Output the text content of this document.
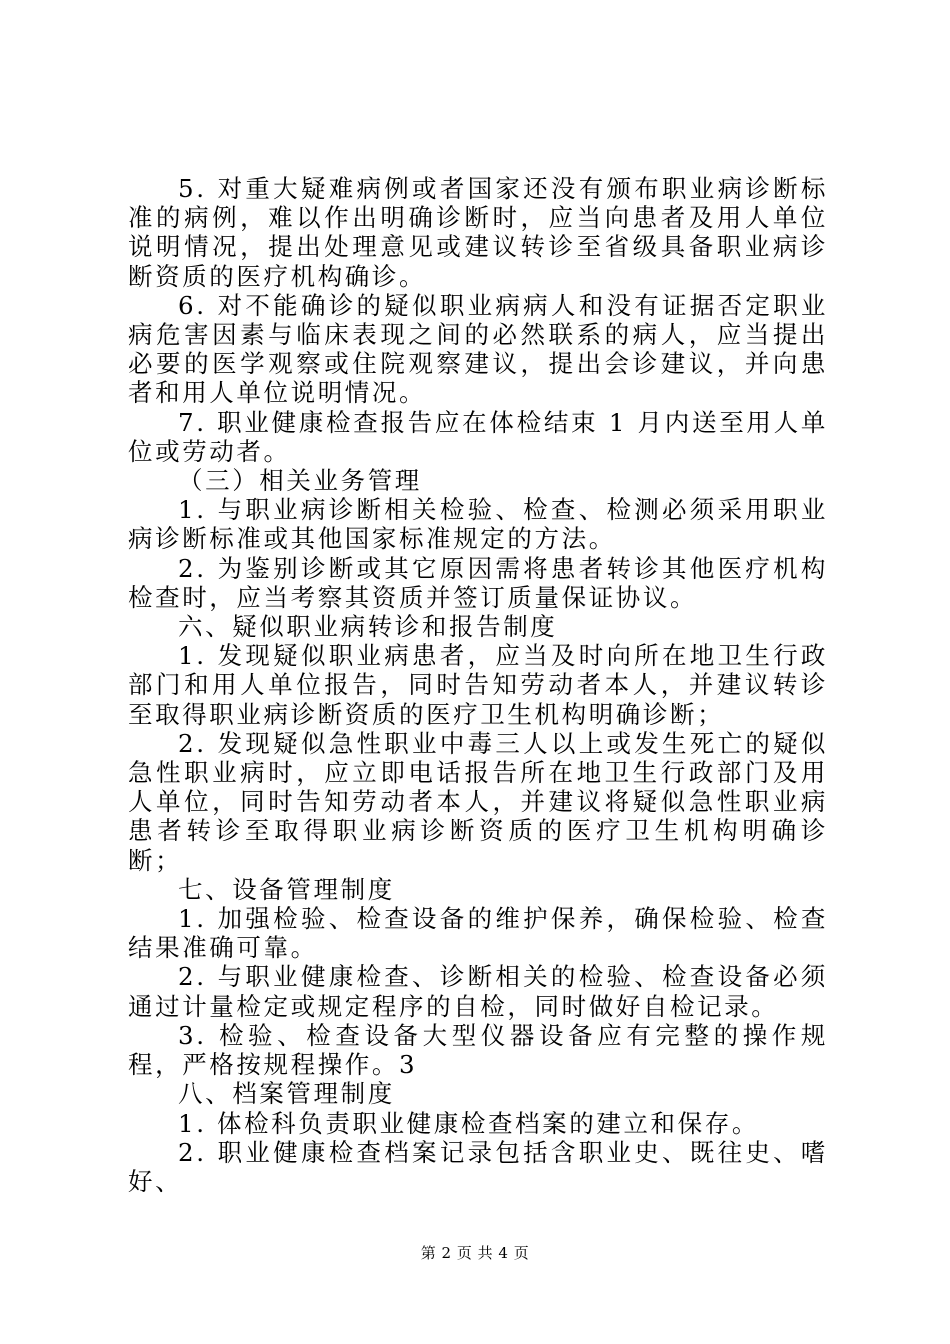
5. 对重大疑难病例或者国家还没有颁布职业病诊断标准的病例，难以作出明确诊断时，应当向患者及用人单位说明情况，提出处理意见或建议转诊至省级具备职业病诊断资质的医疗机构确诊。

6. 对不能确诊的疑似职业病病人和没有证据否定职业病危害因素与临床表现之间的必然联系的病人，应当提出必要的医学观察或住院观察建议，提出会诊建议，并向患者和用人单位说明情况。

7. 职业健康检查报告应在体检结束 1 月内送至用人单位或劳动者。

（三）相关业务管理

1. 与职业病诊断相关检验、检查、检测必须采用职业病诊断标准或其他国家标准规定的方法。

2. 为鉴别诊断或其它原因需将患者转诊其他医疗机构检查时，应当考察其资质并签订质量保证协议。

六、疑似职业病转诊和报告制度

1. 发现疑似职业病患者，应当及时向所在地卫生行政部门和用人单位报告，同时告知劳动者本人，并建议转诊至取得职业病诊断资质的医疗卫生机构明确诊断；

2. 发现疑似急性职业中毒三人以上或发生死亡的疑似急性职业病时，应立即电话报告所在地卫生行政部门及用人单位，同时告知劳动者本人，并建议将疑似急性职业病患者转诊至取得职业病诊断资质的医疗卫生机构明确诊断；

七、设备管理制度

1. 加强检验、检查设备的维护保养，确保检验、检查结果准确可靠。

2. 与职业健康检查、诊断相关的检验、检查设备必须通过计量检定或规定程序的自检，同时做好自检记录。

3. 检验、检查设备大型仪器设备应有完整的操作规程，严格按规程操作。3

八、档案管理制度

1. 体检科负责职业健康检查档案的建立和保存。

2. 职业健康检查档案记录包括含职业史、既往史、嗜好、

第 2 页 共 4 页
